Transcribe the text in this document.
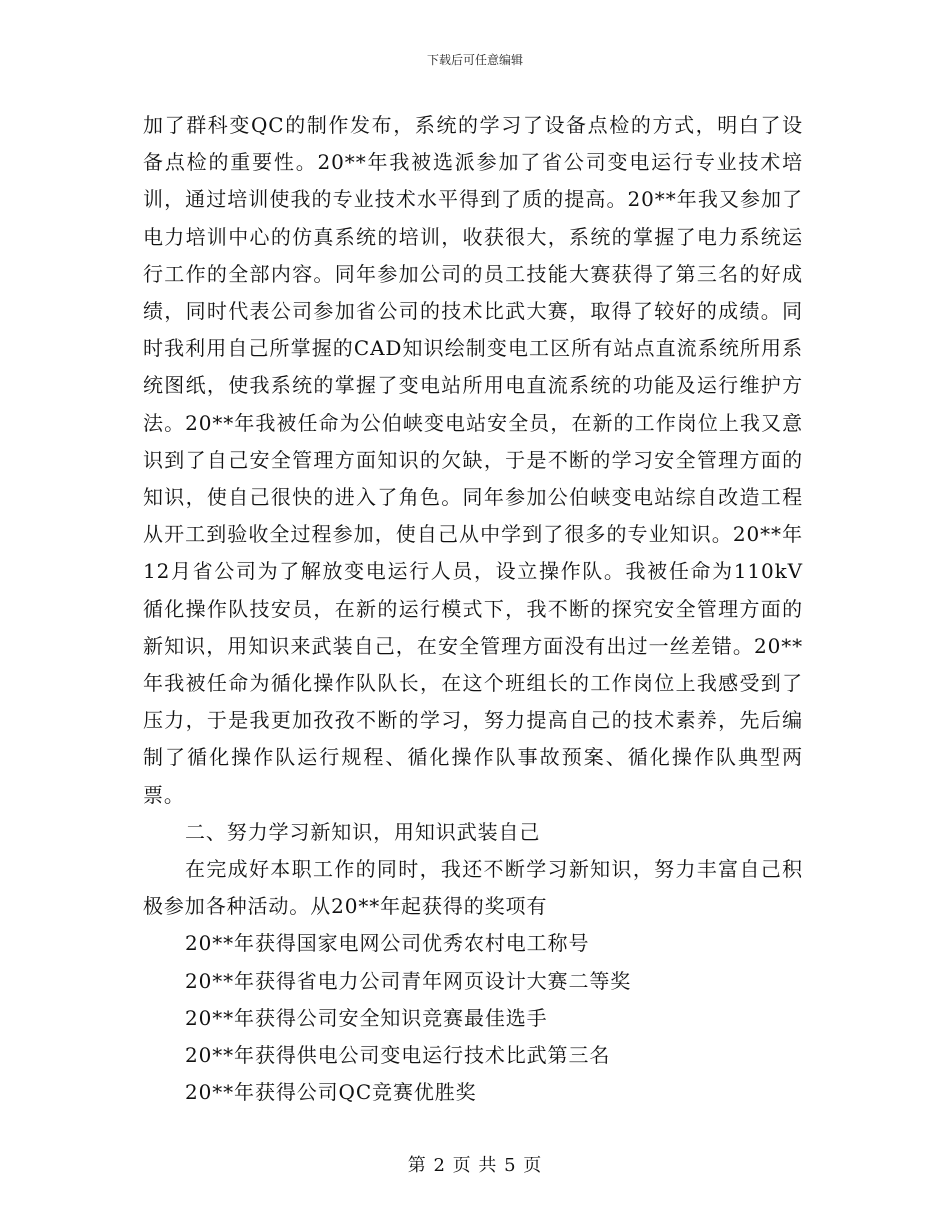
下载后可任意编辑

加了群科变QC的制作发布，系统的学习了设备点检的方式，明白了设备点检的重要性。20**年我被选派参加了省公司变电运行专业技术培训，通过培训使我的专业技术水平得到了质的提高。20**年我又参加了电力培训中心的仿真系统的培训，收获很大，系统的掌握了电力系统运行工作的全部内容。同年参加公司的员工技能大赛获得了第三名的好成绩，同时代表公司参加省公司的技术比武大赛，取得了较好的成绩。同时我利用自己所掌握的CAD知识绘制变电工区所有站点直流系统所用系统图纸，使我系统的掌握了变电站所用电直流系统的功能及运行维护方法。20**年我被任命为公伯峡变电站安全员，在新的工作岗位上我又意识到了自己安全管理方面知识的欠缺，于是不断的学习安全管理方面的知识，使自己很快的进入了角色。同年参加公伯峡变电站综自改造工程从开工到验收全过程参加，使自己从中学到了很多的专业知识。20**年12月省公司为了解放变电运行人员，设立操作队。我被任命为110kV循化操作队技安员，在新的运行模式下，我不断的探究安全管理方面的新知识，用知识来武装自己，在安全管理方面没有出过一丝差错。20**年我被任命为循化操作队队长，在这个班组长的工作岗位上我感受到了压力，于是我更加孜孜不断的学习，努力提高自己的技术素养，先后编制了循化操作队运行规程、循化操作队事故预案、循化操作队典型两票。

二、努力学习新知识，用知识武装自己

在完成好本职工作的同时，我还不断学习新知识，努力丰富自己积极参加各种活动。从20**年起获得的奖项有

20**年获得国家电网公司优秀农村电工称号

20**年获得省电力公司青年网页设计大赛二等奖

20**年获得公司安全知识竞赛最佳选手

20**年获得供电公司变电运行技术比武第三名

20**年获得公司QC竞赛优胜奖

第 2 页 共 5 页
